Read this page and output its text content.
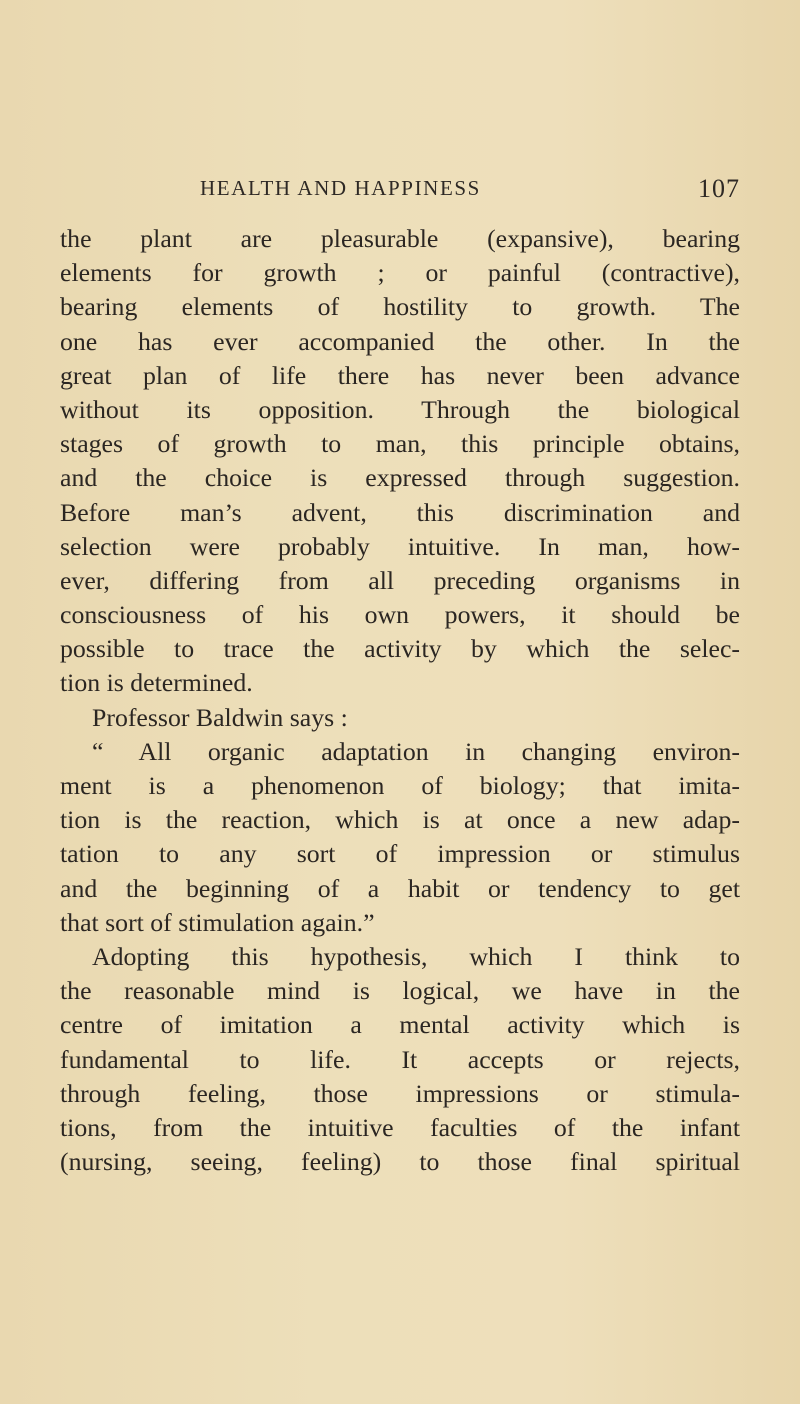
HEALTH AND HAPPINESS	107
the plant are pleasurable (expansive), bearing
elements for growth ; or painful (contractive),
bearing elements of hostility to growth. The
one has ever accompanied the other. In the
great plan of life there has never been advance
without its opposition. Through the biological
stages of growth to man, this principle obtains,
and the choice is expressed through suggestion.
Before man’s advent, this discrimination and
selection were probably intuitive. In man, how-
ever, differing from all preceding organisms in
consciousness of his own powers, it should be
possible to trace the activity by which the selec-
tion is determined.
Professor Baldwin says :
“ All organic adaptation in changing environ-
ment is a phenomenon of biology; that imita-
tion is the reaction, which is at once a new adap-
tation to any sort of impression or stimulus
and the beginning of a habit or tendency to get
that sort of stimulation again.”
Adopting this hypothesis, which I think to
the reasonable mind is logical, we have in the
centre of imitation a mental activity which is
fundamental to life. It accepts or rejects,
through feeling, those impressions or stimula-
tions, from the intuitive faculties of the infant
(nursing, seeing, feeling) to those final spiritual
